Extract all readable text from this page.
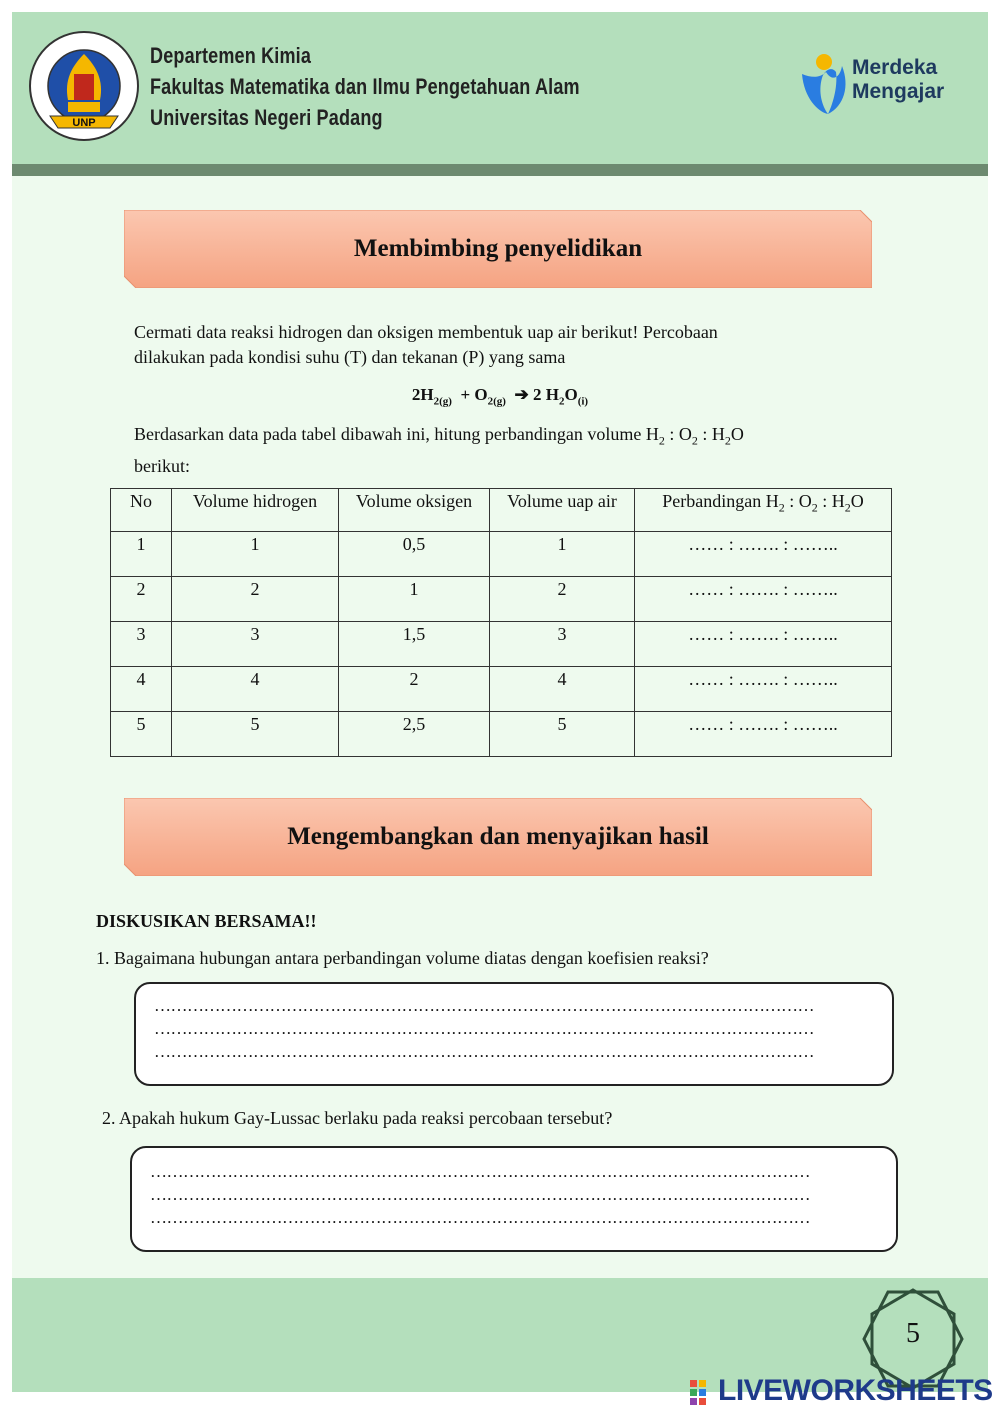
UNP
Departemen Kimia
Fakultas Matematika dan Ilmu Pengetahuan Alam
Universitas Negeri Padang
Merdeka
Mengajar
Membimbing penyelidikan
Cermati data reaksi hidrogen dan oksigen membentuk uap air berikut! Percobaan
dilakukan pada kondisi suhu (T) dan tekanan (P) yang sama
$2H_{2(g)} + O_{2(g)}$ ➔ 2 $H_2O_{(i)}$
Berdasarkan data pada tabel dibawah ini, hitung perbandingan volume $H_2$ : $O_2$ : $H_2O$
berikut:
No	Volume hidrogen	Volume oksigen	Volume uap air	Perbandingan $H_2$ : $O_2$ : $H_2O$
1	1	0,5	1	…… : ……. : ……..
2	2	1	2	…… : ……. : ……..
3	3	1,5	3	…… : ……. : ……..
4	4	2	4	…… : ……. : ……..
5	5	2,5	5	…… : ……. : ……..
Mengembangkan dan menyajikan hasil
DISKUSIKAN BERSAMA!!
1. Bagaimana hubungan antara perbandingan volume diatas dengan koefisien reaksi?
…………………………………………………………………………………………………………
…………………………………………………………………………………………………………
…………………………………………………………………………………………………………
2. Apakah hukum Gay-Lussac berlaku pada reaksi percobaan tersebut?
…………………………………………………………………………………………………………
…………………………………………………………………………………………………………
…………………………………………………………………………………………………………
5
LIVEWORKSHEETS
